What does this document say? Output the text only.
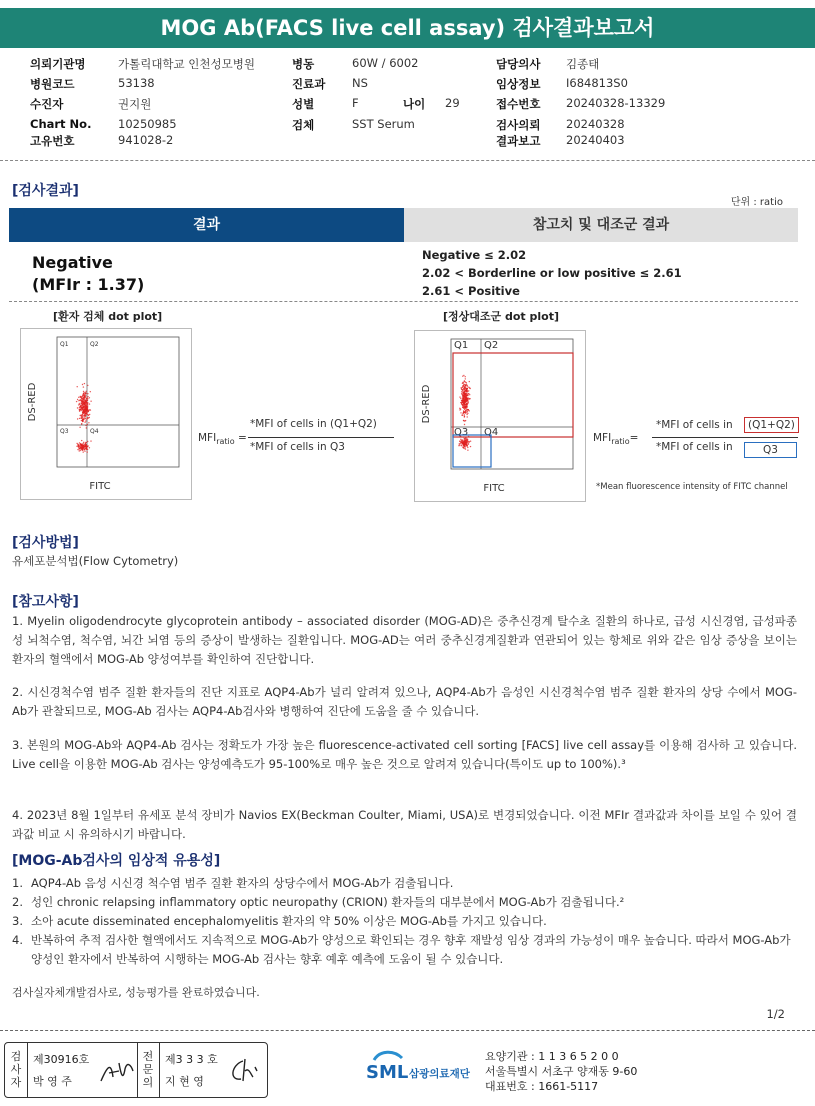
MOG Ab(FACS live cell assay) 검사결과보고서
의뢰기관명	가톨릭대학교 인천성모병원
병원코드	53138
수진자	권지원
Chart No. 10250985
고유번호	941028-2
병동	60W / 6002
진료과 NS
성별	F
검체	SST Serum
담당의사 김종태
임상정보 I684813S0
접수번호 20240328-13329
검사의뢰 20240328
결과보고 20240403
나이 29
[검사결과]
단위 : ratio
결과	참고치 및 대조군 결과
Negative
(MFIr : 1.37)
Negative ≤ 2.02
2.02 < Borderline or low positive ≤ 2.61
2.61 < Positive
[환자 검체 dot plot]
Q1	Q2
Q3	Q4
DS-RED
FITC
$MFI_{ratio}$ =
*MFI of cells in (Q1+Q2)
*MFI of cells in Q3
[정상대조군 dot plot]
Q1 Q2
Q3 Q4
DS-RED
FITC
$MFI_{ratio}=$
*MFI of cells in	(Q1+Q2)
*MFI of cells in	Q3
*Mean fluorescence intensity of FITC channel
[검사방법]
유세포분석법(Flow Cytometry)
[참고사항]
1. Myelin oligodendrocyte glycoprotein antibody – associated disorder (MOG-AD)은 중추신경계 탈수초 질환의 하나로, 급성 시신경염, 급성파종성 뇌척수염, 척수염, 뇌간 뇌염 등의 증상이 발생하는 질환입니다. MOG-AD는 여러 중추신경계질환과 연관되어 있는 항체로 위와 같은 임상 증상을 보이는 환자의 혈액에서 MOG-Ab 양성여부를 확인하여 진단합니다.
2. 시신경척수염 범주 질환 환자들의 진단 지표로 AQP4-Ab가 널리 알려져 있으나, AQP4-Ab가 음성인 시신경척수염 범주 질환 환자의 상당 수에서 MOG-Ab가 관찰되므로, MOG-Ab 검사는 AQP4-Ab검사와 병행하여 진단에 도움을 줄 수 있습니다.
3. 본원의 MOG-Ab와 AQP4-Ab 검사는 정확도가 가장 높은 fluorescence-activated cell sorting [FACS] live cell assay를 이용해 검사하 고 있습니다. Live cell을 이용한 MOG-Ab 검사는 양성예측도가 95-100%로 매우 높은 것으로 알려져 있습니다(특이도 up to 100%).³
4. 2023년 8월 1일부터 유세포 분석 장비가 Navios EX(Beckman Coulter, Miami, USA)로 변경되었습니다. 이전 MFIr 결과값과 차이를 보일 수 있어 결과값 비교 시 유의하시기 바랍니다.
[MOG-Ab검사의 임상적 유용성]
1. AQP4-Ab 음성 시신경 척수염 범주 질환 환자의 상당수에서 MOG-Ab가 검출됩니다.
2. 성인 chronic relapsing inflammatory optic neuropathy (CRION) 환자들의 대부분에서 MOG-Ab가 검출됩니다.²
3. 소아 acute disseminated encephalomyelitis 환자의 약 50% 이상은 MOG-Ab를 가지고 있습니다.
4. 반복하여 추적 검사한 혈액에서도 지속적으로 MOG-Ab가 양성으로 확인되는 경우 향후 재발성 임상 경과의 가능성이 매우 높습니다. 따라서 MOG-Ab가 양성인 환자에서 반복하여 시행하는 MOG-Ab 검사는 향후 예후 예측에 도움이 될 수 있습니다.
검사실자체개발검사로, 성능평가를 완료하였습니다.
1/2
검
사
자
제30916호
박 영 주
전
문
의
제3 3 3 호
지 현 영	SML 삼광의료재단
요양기관 : 1 1 3 6 5 2 0 0
서울특별시 서초구 양재동 9-60
대표번호 : 1661-5117
